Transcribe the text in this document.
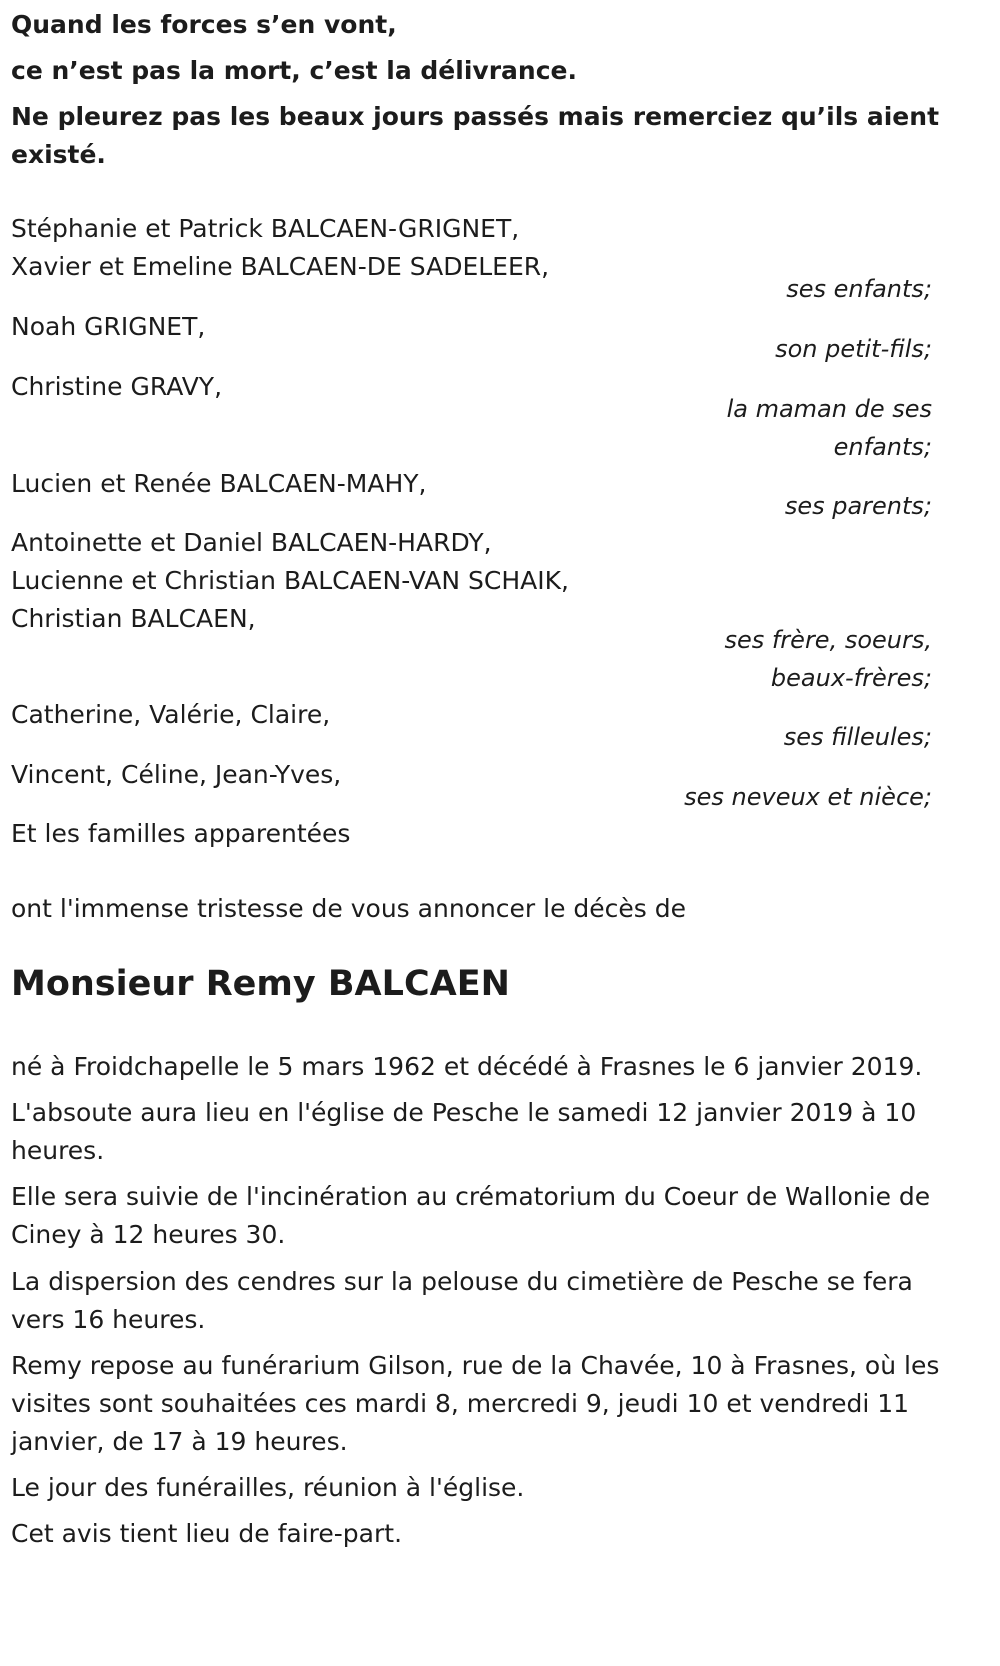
Quand les forces s’en vont,

ce n’est pas la mort, c’est la délivrance.

Ne pleurez pas les beaux jours passés mais remerciez qu’ils aient existé.

Stéphanie et Patrick BALCAEN-GRIGNET,

Xavier et Emeline BALCAEN-DE SADELEER,

ses enfants;

Noah GRIGNET,

son petit-fils;

Christine GRAVY,

la maman de ses enfants;

Lucien et Renée BALCAEN-MAHY,

ses parents;

Antoinette et Daniel BALCAEN-HARDY,

Lucienne et Christian BALCAEN-VAN SCHAIK,

Christian BALCAEN,

ses frère, soeurs, beaux-frères;

Catherine, Valérie, Claire,

ses filleules;

Vincent, Céline, Jean-Yves,

ses neveux et nièce;

Et les familles apparentées

ont l'immense tristesse de vous annoncer le décès de

Monsieur Remy BALCAEN

né à Froidchapelle le 5 mars 1962 et décédé à Frasnes le 6 janvier 2019.

L'absoute aura lieu en l'église de Pesche le samedi 12 janvier 2019 à 10 heures.

Elle sera suivie de l'incinération au crématorium du Coeur de Wallonie de Ciney à 12 heures 30.

La dispersion des cendres sur la pelouse du cimetière de Pesche se fera vers 16 heures.

Remy repose au funérarium Gilson, rue de la Chavée, 10 à Frasnes, où les visites sont souhaitées ces mardi 8, mercredi 9, jeudi 10 et vendredi 11 janvier, de 17 à 19 heures.

Le jour des funérailles, réunion à l'église.

Cet avis tient lieu de faire-part.
